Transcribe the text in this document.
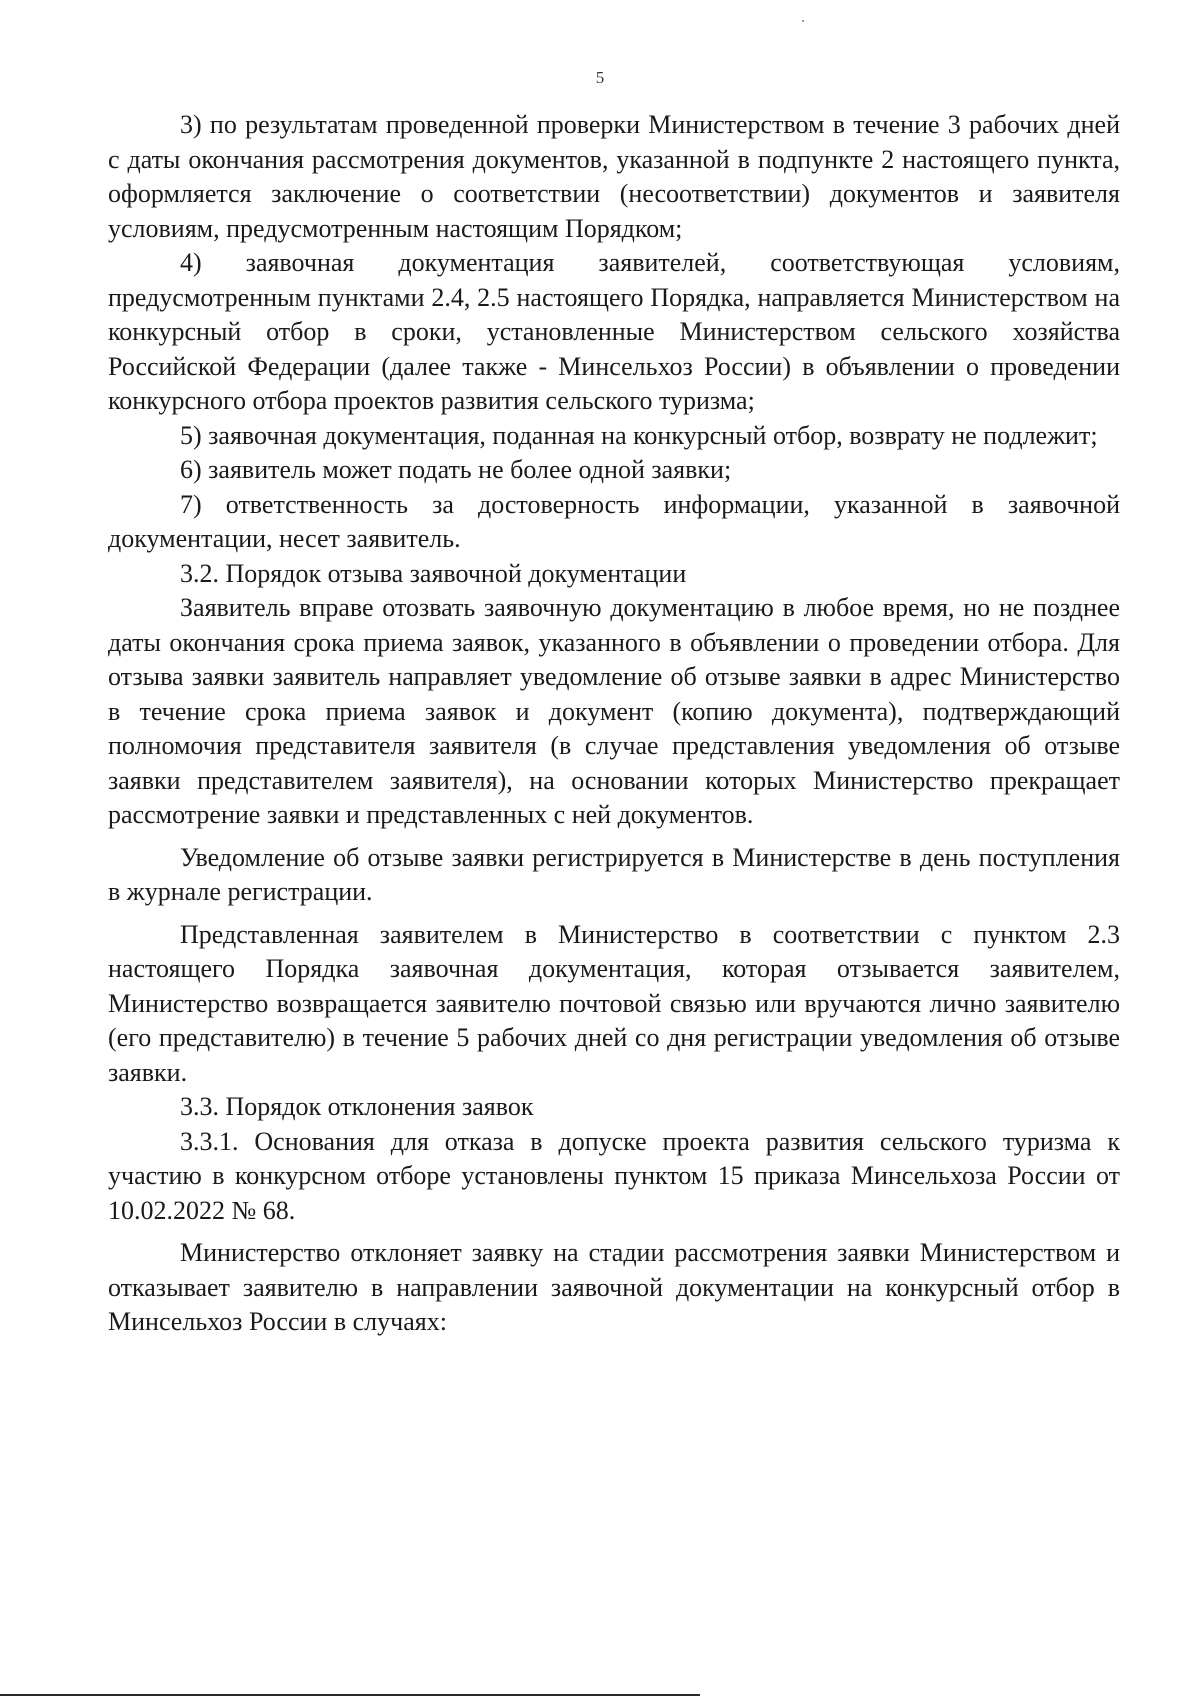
5

3) по результатам проведенной проверки Министерством в течение 3 рабочих дней с даты окончания рассмотрения документов, указанной в подпункте 2 настоящего пункта, оформляется заключение о соответствии (несоответствии) документов и заявителя условиям, предусмотренным настоящим Порядком;

4) заявочная документация заявителей, соответствующая условиям, предусмотренным пунктами 2.4, 2.5 настоящего Порядка, направляется Министерством на конкурсный отбор в сроки, установленные Министерством сельского хозяйства Российской Федерации (далее также - Минсельхоз России) в объявлении о проведении конкурсного отбора проектов развития сельского туризма;

5) заявочная документация, поданная на конкурсный отбор, возврату не подлежит;

6) заявитель может подать не более одной заявки;

7) ответственность за достоверность информации, указанной в заявочной документации, несет заявитель.

3.2. Порядок отзыва заявочной документации

Заявитель вправе отозвать заявочную документацию в любое время, но не позднее даты окончания срока приема заявок, указанного в объявлении о проведении отбора. Для отзыва заявки заявитель направляет уведомление об отзыве заявки в адрес Министерство в течение срока приема заявок и документ (копию документа), подтверждающий полномочия представителя заявителя (в случае представления уведомления об отзыве заявки представителем заявителя), на основании которых Министерство прекращает рассмотрение заявки и представленных с ней документов.

Уведомление об отзыве заявки регистрируется в Министерстве в день поступления в журнале регистрации.

Представленная заявителем в Министерство в соответствии с пунктом 2.3 настоящего Порядка заявочная документация, которая отзывается заявителем, Министерство возвращается заявителю почтовой связью или вручаются лично заявителю (его представителю) в течение 5 рабочих дней со дня регистрации уведомления об отзыве заявки.

3.3. Порядок отклонения заявок

3.3.1. Основания для отказа в допуске проекта развития сельского туризма к участию в конкурсном отборе установлены пунктом 15 приказа Минсельхоза России от 10.02.2022 № 68.

Министерство отклоняет заявку на стадии рассмотрения заявки Министерством и отказывает заявителю в направлении заявочной документации на конкурсный отбор в Минсельхоз России в случаях:
